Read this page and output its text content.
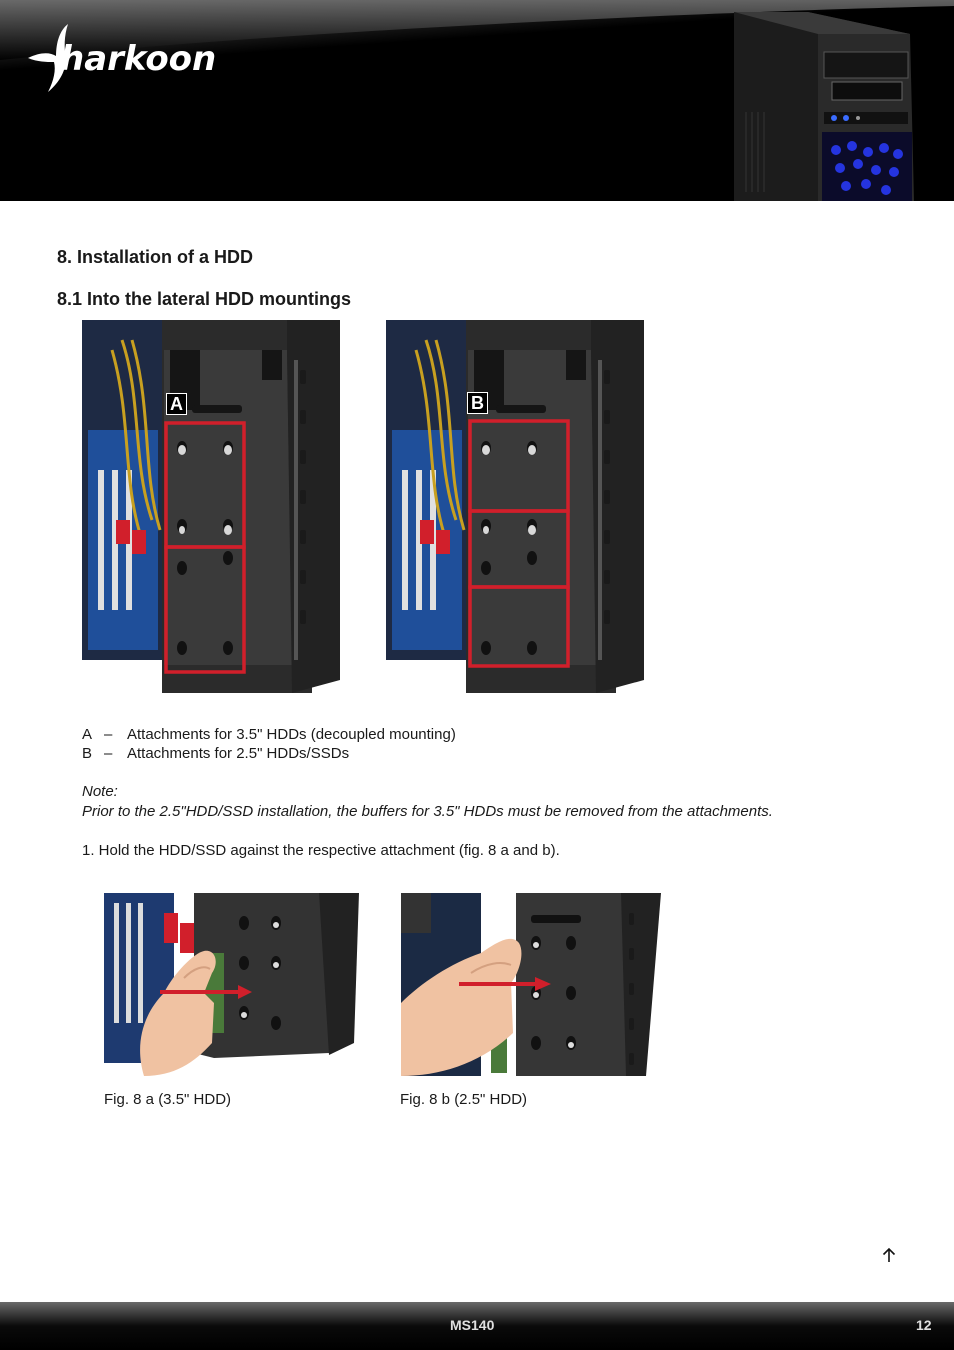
harkoon
8. Installation of a HDD
8.1 Into the lateral HDD mountings
A	B
A – Attachments for 3.5" HDDs (decoupled mounting)
B – Attachments for 2.5" HDDs/SSDs
Note:
Prior to the 2.5"HDD/SSD installation, the buffers for 3.5" HDDs must be removed from the attachments.
1. Hold the HDD/SSD against the respective attachment (fig. 8 a and b).
Fig. 8 a (3.5" HDD)	Fig. 8 b (2.5" HDD)
MS140	12
